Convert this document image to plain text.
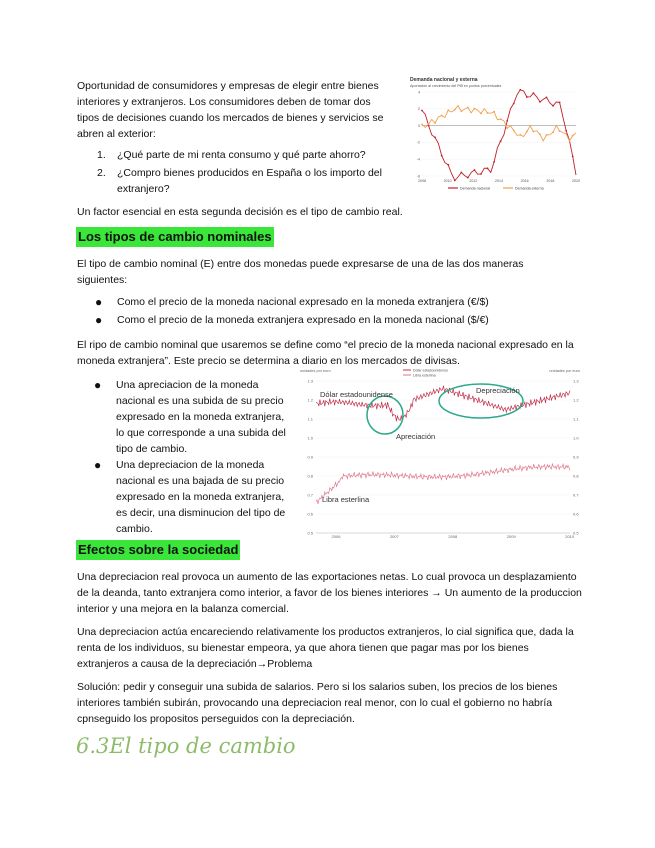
Oportunidad de consumidores y empresas de elegir entre bienes interiores y extranjeros. Los consumidores deben de tomar dos tipos de decisiones cuando los mercados de bienes y servicios se abren al exterior:

1. ¿Qué parte de mi renta consumo y qué parte ahorro?
2. ¿Compro bienes producidos en España o los importo del extranjero?

Un factor esencial en esta segunda decisión es el tipo de cambio real.

Demanda nacional y externa
Aportación al crecimiento del PIB en puntos porcentuales
2008	2010	2012	2014	2016	2018	2020
4
2
0
-2
-4
-6
Demanda nacional	Demanda externa
Los tipos de cambio nominales

El tipo de cambio nominal (E) entre dos monedas puede expresarse de una de las dos maneras siguientes:

● Como el precio de la moneda nacional expresado en la moneda extranjera (€/$)
● Como el precio de la moneda extranjera expresado en la moneda nacional ($/€)

El ripo de cambio nominal que usaremos se define como “el precio de la moneda nacional expresado en la moneda extranjera”. Este precio se determina a diario en los mercados de divisas.

● Una apreciacion de la moneda nacional es una subida de su precio expresado en la moneda extranjera, lo que corresponde a una subida del tipo de cambio.
● Una depreciacion de la moneda nacional es una bajada de su precio expresado en la moneda extranjera, es decir, una disminucion del tipo de cambio.
unidades por euro	unidades por euro
Dólar estadounidense
Libra esterlina
1.3	1.3
1.2	1.2
1.1	1.1
1.0	1.0
0.9	0.9
0.8	0.8
0.7	0.7
0.6	0.6
0.5	0.5
2006	2007	2008	2009	2010
Dólar estadounidense	Depreciación
Apreciación
Libra esterlina
Efectos sobre la sociedad

Una depreciacion real provoca un aumento de las exportaciones netas. Lo cual provoca un desplazamiento de la deanda, tanto extranjera como interior, a favor de los bienes interiores → Un aumento de la produccion interior y una mejora en la balanza comercial.

Una depreciacion actúa encareciendo relativamente los productos extranjeros, lo cial significa que, dada la renta de los individuos, su bienestar empeora, ya que ahora tienen que pagar mas por los bienes extranjeros a causa de la depreciación→Problema

Solución: pedir y conseguir una subida de salarios. Pero si los salarios suben, los precios de los bienes interiores también subirán, provocando una depreciacion real menor, con lo cual el gobierno no habría cpnseguido los propositos perseguidos con la depreciación.

6.3El tipo de cambio
